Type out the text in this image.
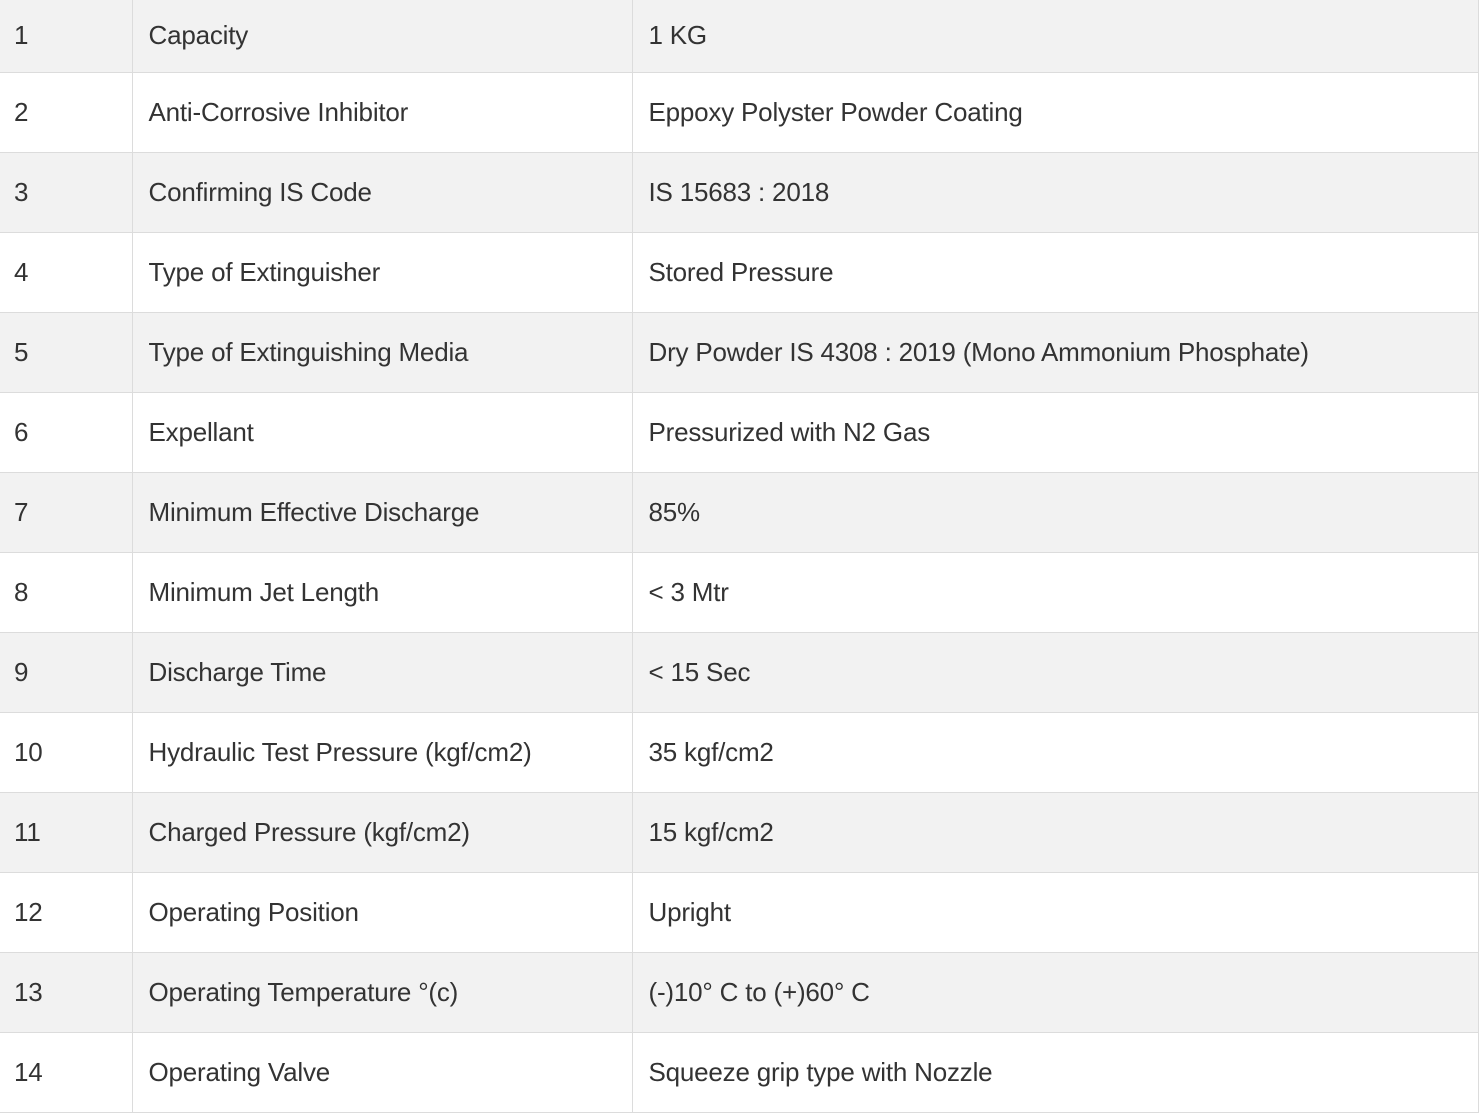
1	Capacity	1 KG
2	Anti-Corrosive Inhibitor	Eppoxy Polyster Powder Coating
3	Confirming IS Code	IS 15683 : 2018
4	Type of Extinguisher	Stored Pressure
5	Type of Extinguishing Media	Dry Powder IS 4308 : 2019 (Mono Ammonium Phosphate)
6	Expellant	Pressurized with N2 Gas
7	Minimum Effective Discharge	85%
8	Minimum Jet Length	< 3 Mtr
9	Discharge Time	< 15 Sec
10	Hydraulic Test Pressure (kgf/cm2)	35 kgf/cm2
11	Charged Pressure (kgf/cm2)	15 kgf/cm2
12	Operating Position	Upright
13	Operating Temperature °(c)	(-)10° C to (+)60° C
14	Operating Valve	Squeeze grip type with Nozzle
